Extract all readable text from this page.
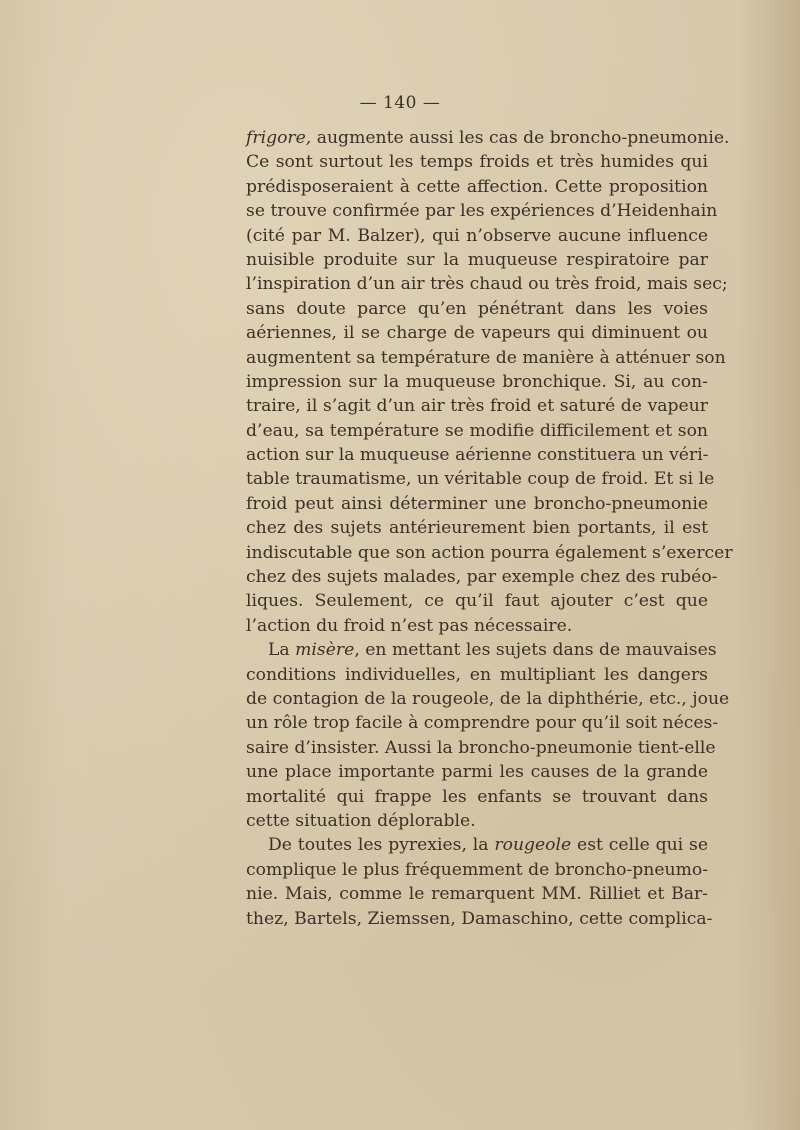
— 140 —
frigore, augmente aussi les cas de broncho-pneumonie.
Ce sont surtout les temps froids et très humides qui
prédisposeraient à cette affection. Cette proposition
se trouve confirmée par les expériences d’Heidenhain
(cité par M. Balzer), qui n’observe aucune influence
nuisible produite sur la muqueuse respiratoire par
l’inspiration d’un air très chaud ou très froid, mais sec;
sans doute parce qu’en pénétrant dans les voies
aériennes, il se charge de vapeurs qui diminuent ou
augmentent sa température de manière à atténuer son
impression sur la muqueuse bronchique. Si, au con-
traire, il s’agit d’un air très froid et saturé de vapeur
d’eau, sa température se modifie difficilement et son
action sur la muqueuse aérienne constituera un véri-
table traumatisme, un véritable coup de froid. Et si le
froid peut ainsi déterminer une broncho-pneumonie
chez des sujets antérieurement bien portants, il est
indiscutable que son action pourra également s’exercer
chez des sujets malades, par exemple chez des rubéo-
liques. Seulement, ce qu’il faut ajouter c’est que
l’action du froid n’est pas nécessaire.
La misère, en mettant les sujets dans de mauvaises
conditions individuelles, en multipliant les dangers
de contagion de la rougeole, de la diphthérie, etc., joue
un rôle trop facile à comprendre pour qu’il soit néces-
saire d’insister. Aussi la broncho-pneumonie tient-elle
une place importante parmi les causes de la grande
mortalité qui frappe les enfants se trouvant dans
cette situation déplorable.
De toutes les pyrexies, la rougeole est celle qui se
complique le plus fréquemment de broncho-pneumo-
nie. Mais, comme le remarquent MM. Rilliet et Bar-
thez, Bartels, Ziemssen, Damaschino, cette complica-
